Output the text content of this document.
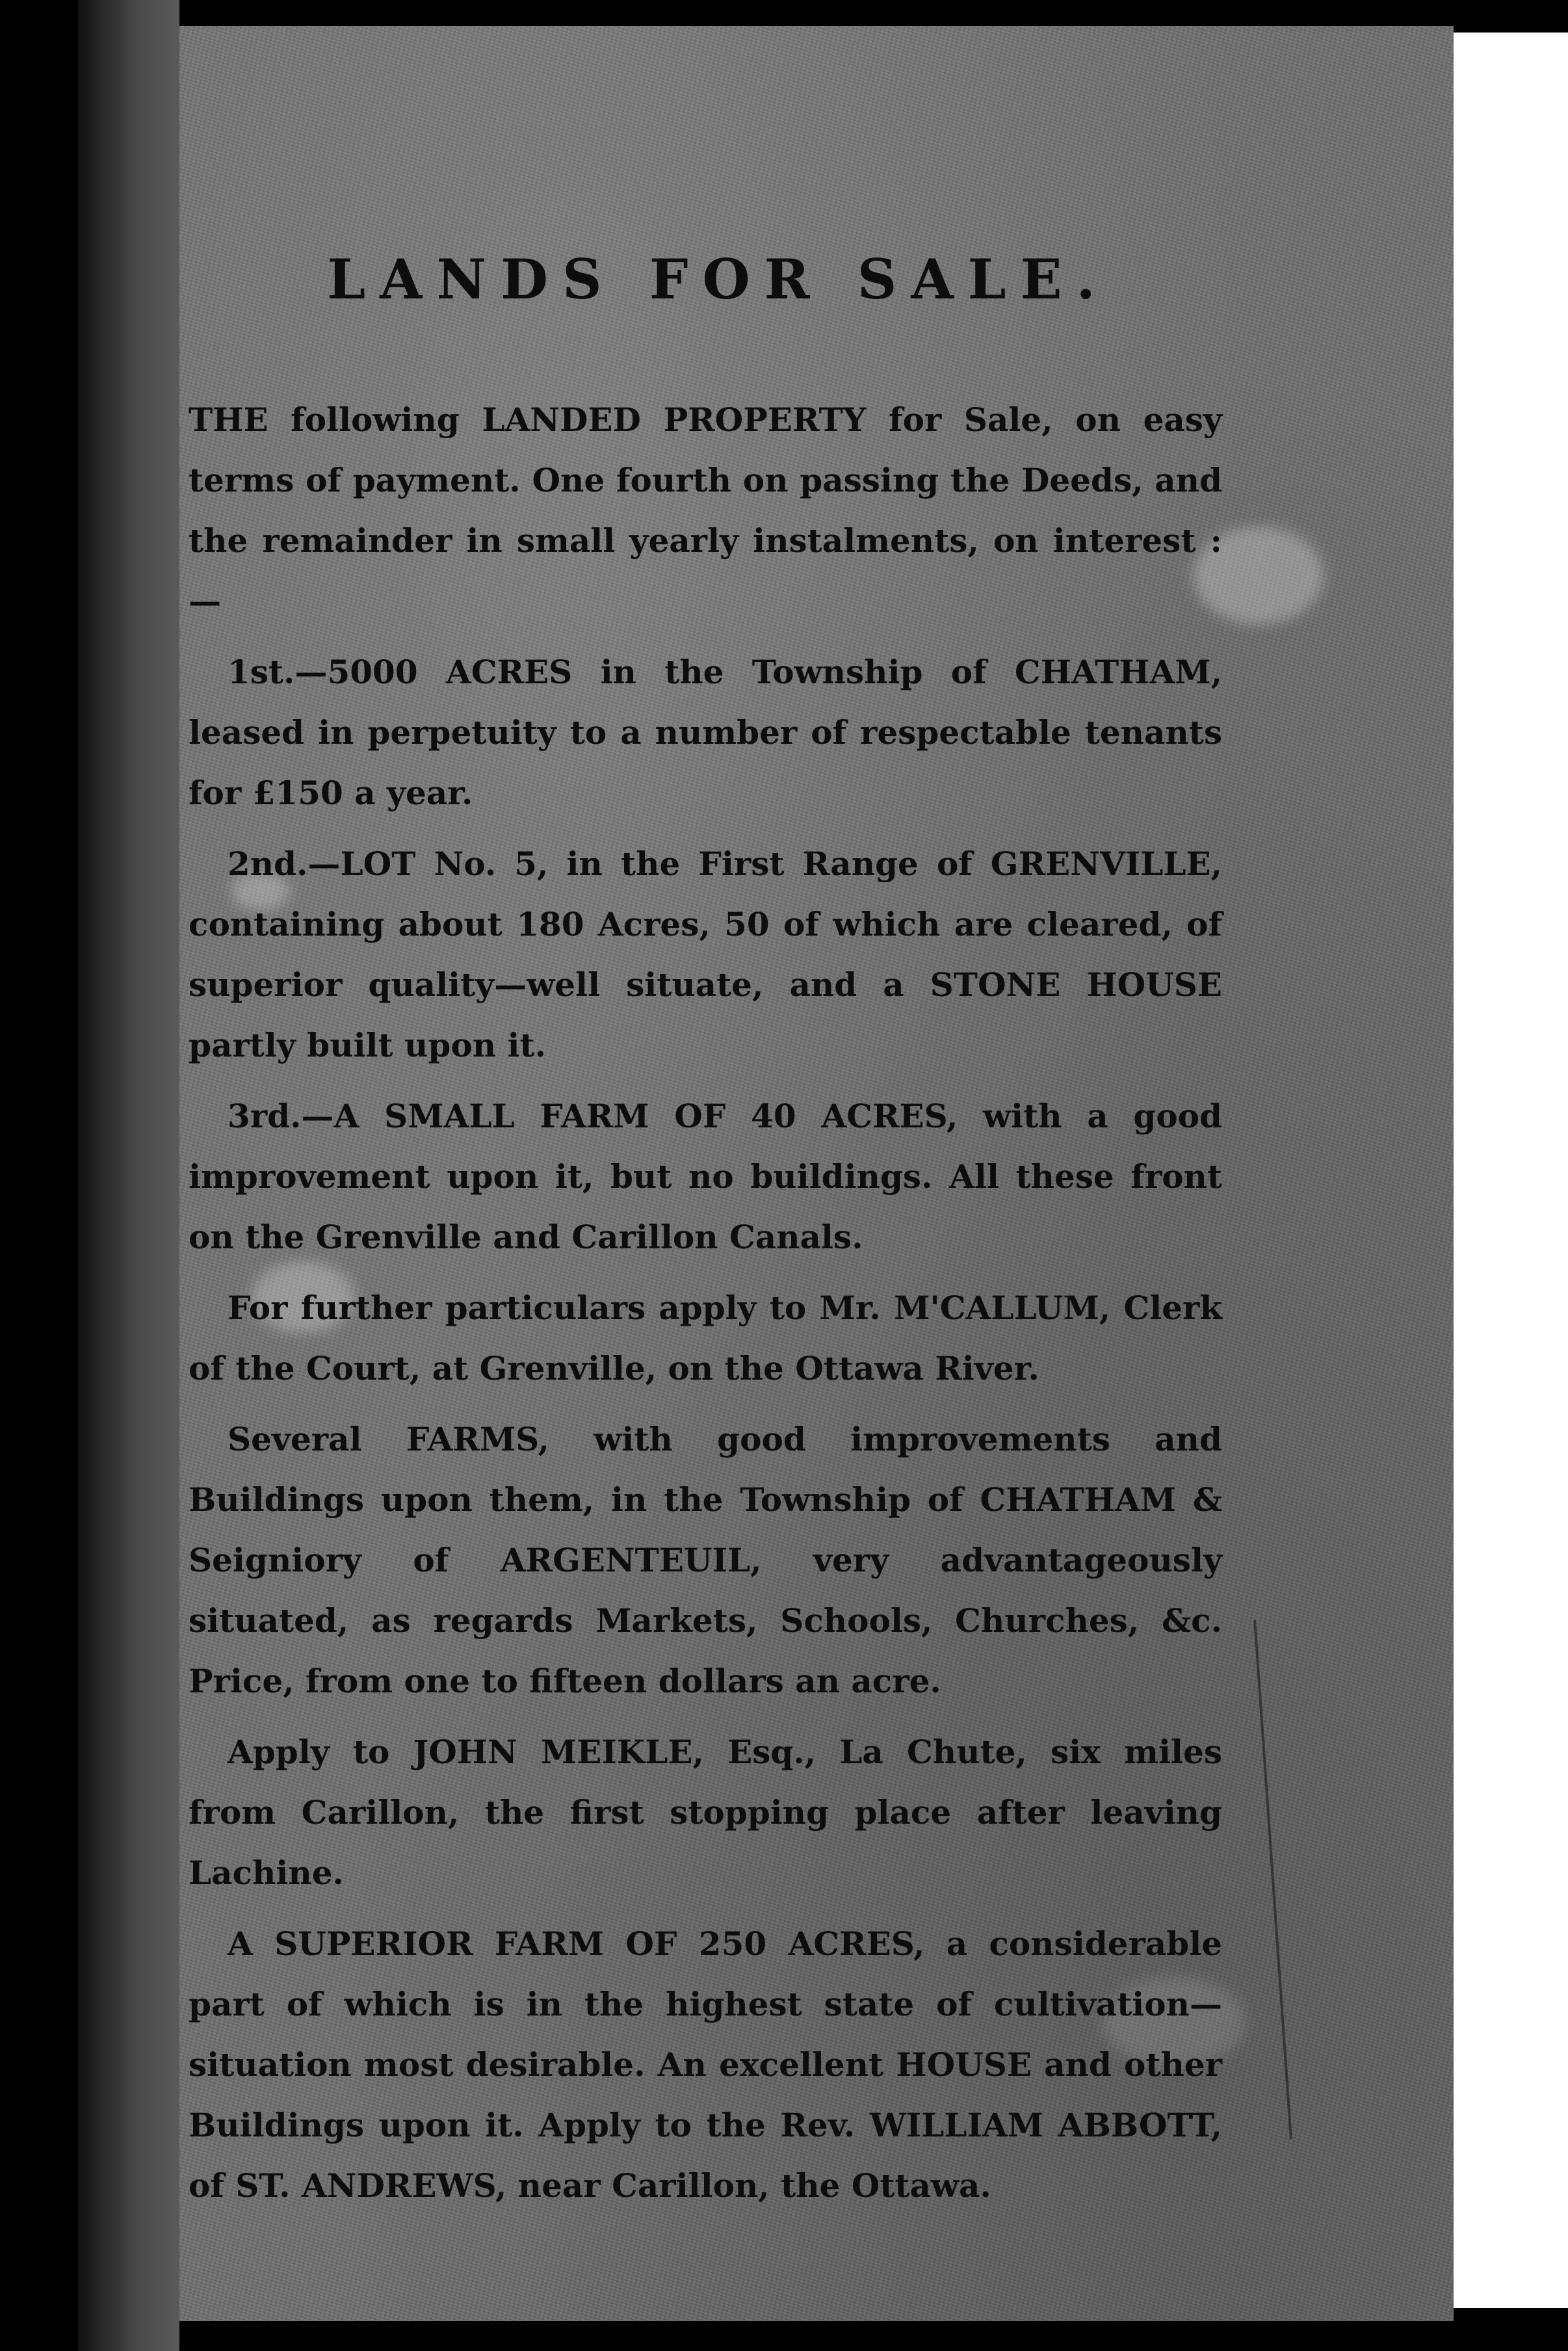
LANDS FOR SALE.

THE following LANDED PROPERTY for Sale, on easy terms of payment. One fourth on passing the Deeds, and the remainder in small yearly instalments, on interest :—

1st.—5000 ACRES in the Township of CHATHAM, leased in perpetuity to a number of respectable tenants for £150 a year.

2nd.—LOT No. 5, in the First Range of GRENVILLE, containing about 180 Acres, 50 of which are cleared, of superior quality—well situate, and a STONE HOUSE partly built upon it.

3rd.—A SMALL FARM OF 40 ACRES, with a good improvement upon it, but no buildings. All these front on the Grenville and Carillon Canals.

For further particulars apply to Mr. M'CALLUM, Clerk of the Court, at Grenville, on the Ottawa River.

Several FARMS, with good improvements and Buildings upon them, in the Township of CHATHAM & Seigniory of ARGENTEUIL, very advantageously situated, as regards Markets, Schools, Churches, &c. Price, from one to fifteen dollars an acre.

Apply to JOHN MEIKLE, Esq., La Chute, six miles from Carillon, the first stopping place after leaving Lachine.

A SUPERIOR FARM OF 250 ACRES, a considerable part of which is in the highest state of cultivation—situation most desirable. An excellent HOUSE and other Buildings upon it. Apply to the Rev. WILLIAM ABBOTT, of ST. ANDREWS, near Carillon, the Ottawa.
